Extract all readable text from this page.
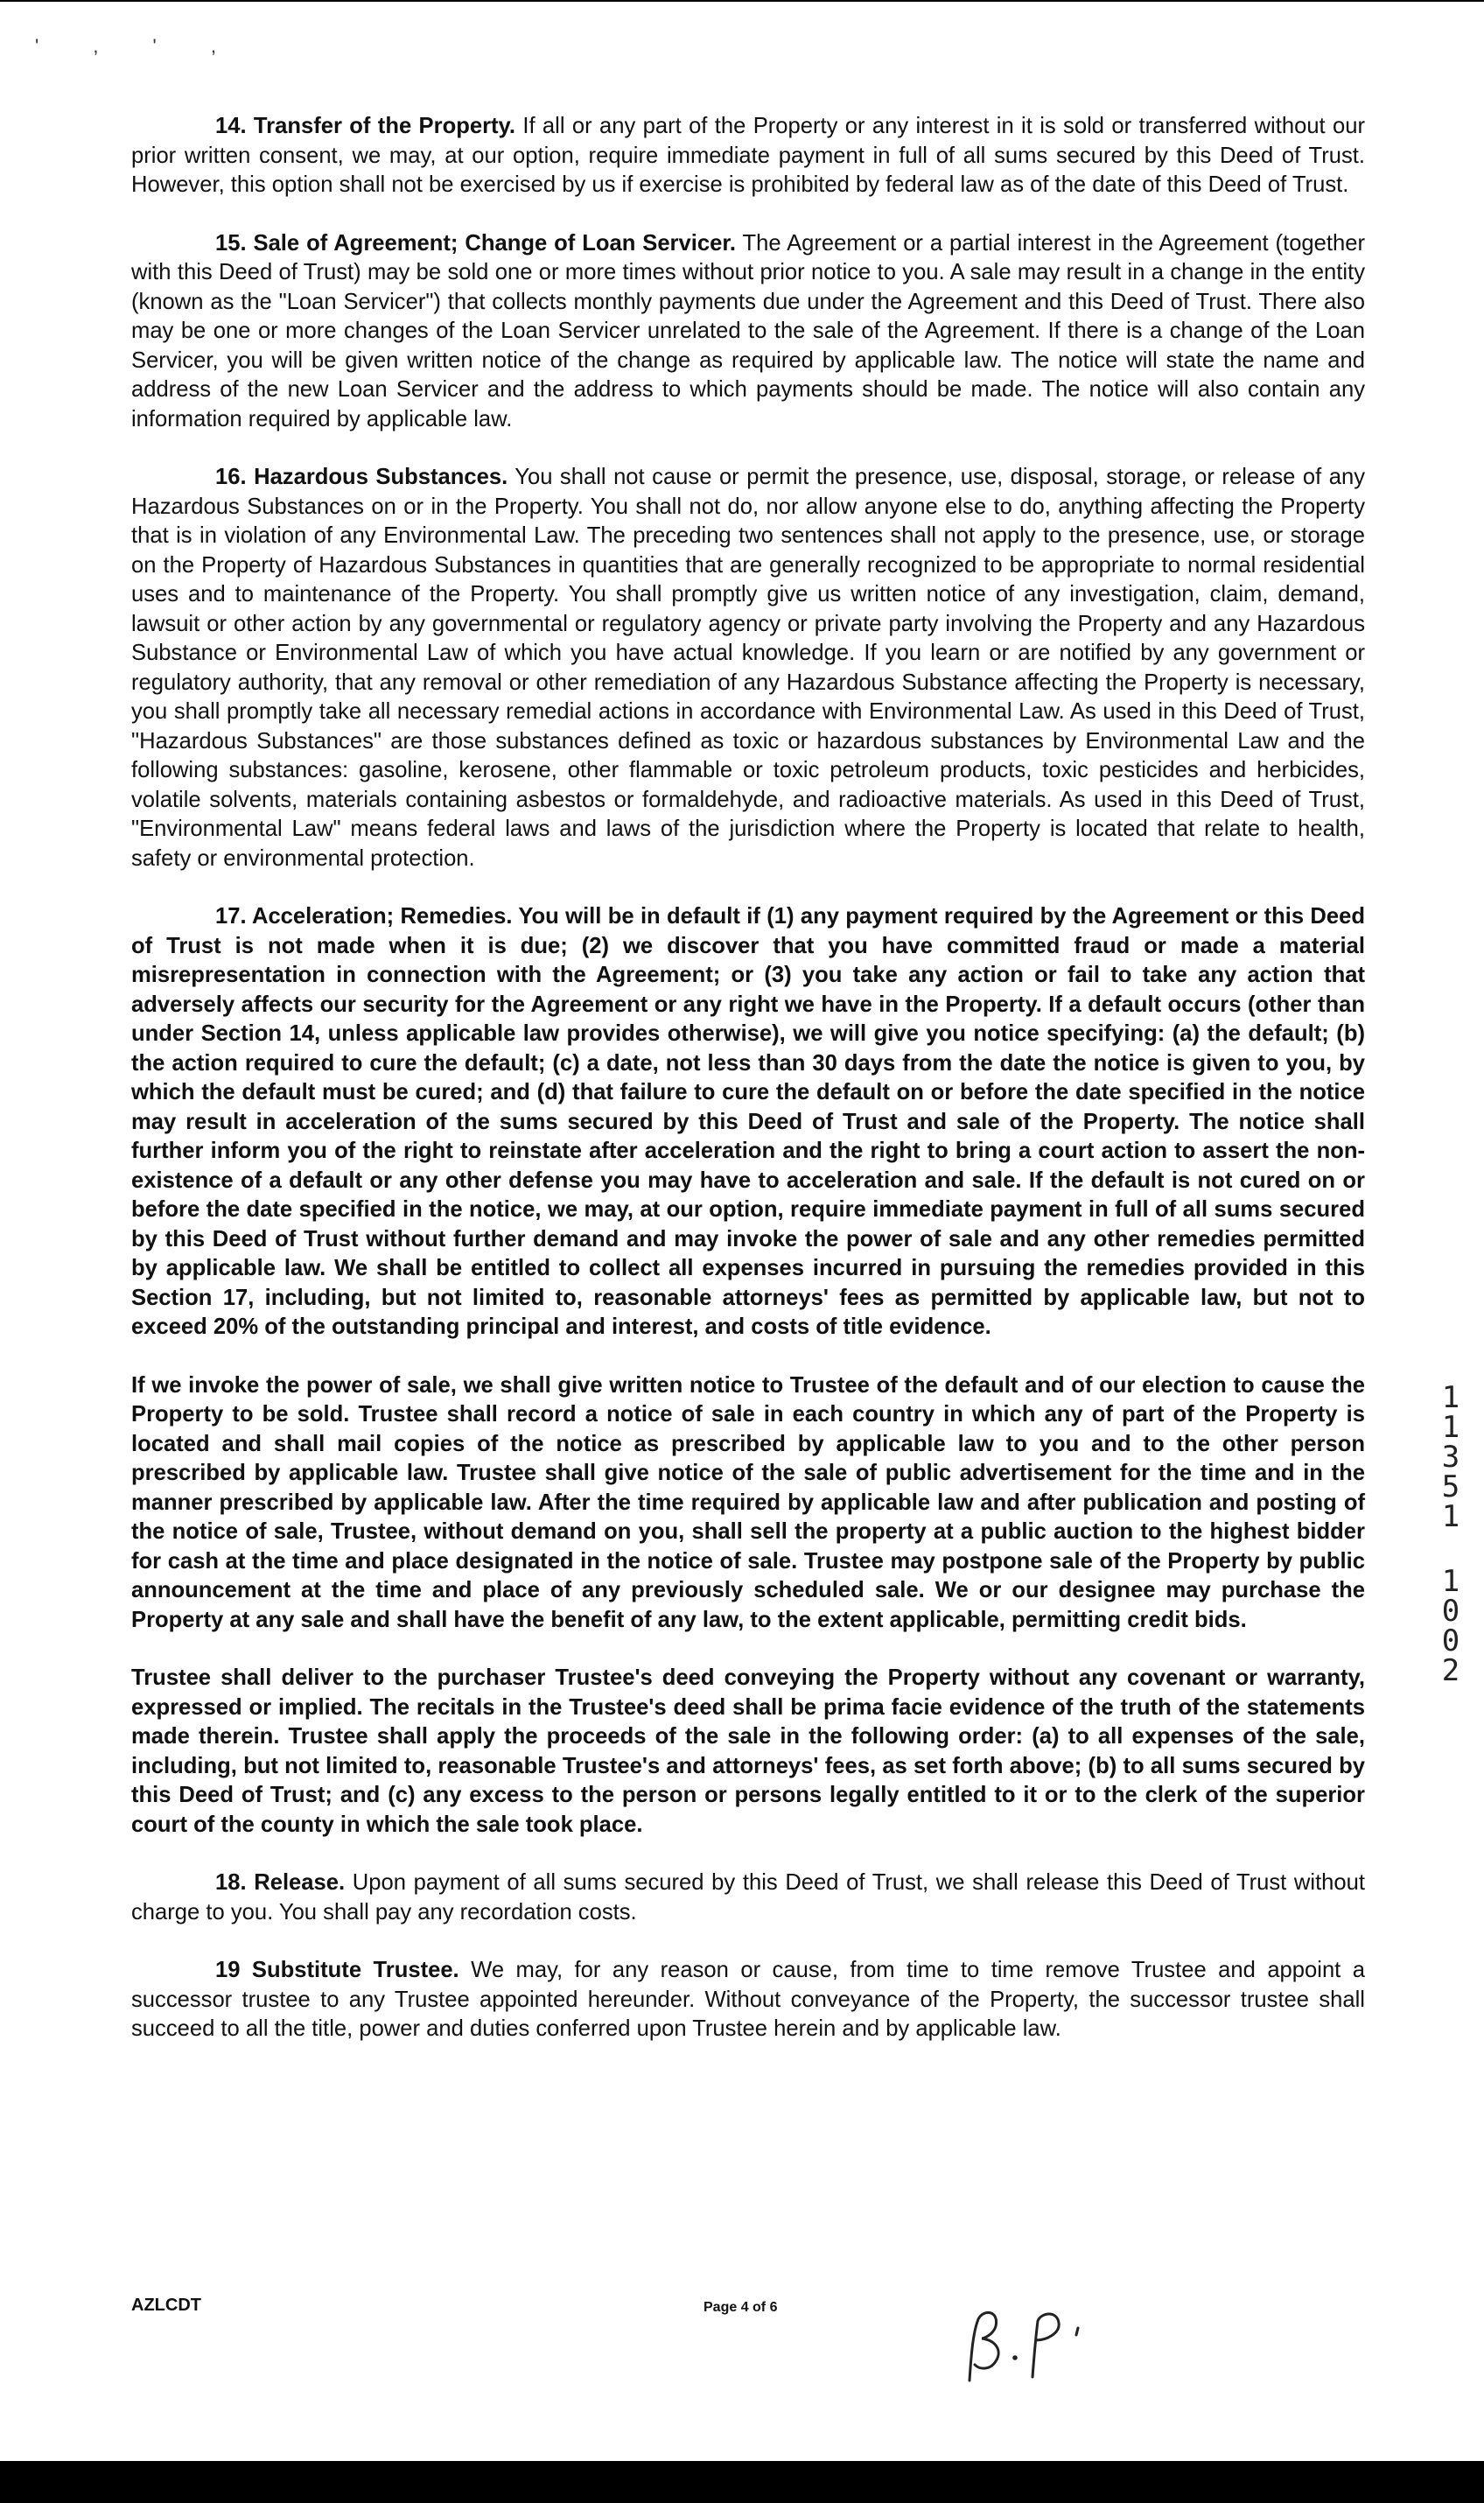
' , ' ,

14. Transfer of the Property. If all or any part of the Property or any interest in it is sold or transferred without our prior written consent, we may, at our option, require immediate payment in full of all sums secured by this Deed of Trust. However, this option shall not be exercised by us if exercise is prohibited by federal law as of the date of this Deed of Trust.

15. Sale of Agreement; Change of Loan Servicer. The Agreement or a partial interest in the Agreement (together with this Deed of Trust) may be sold one or more times without prior notice to you. A sale may result in a change in the entity (known as the "Loan Servicer") that collects monthly payments due under the Agreement and this Deed of Trust. There also may be one or more changes of the Loan Servicer unrelated to the sale of the Agreement. If there is a change of the Loan Servicer, you will be given written notice of the change as required by applicable law. The notice will state the name and address of the new Loan Servicer and the address to which payments should be made. The notice will also contain any information required by applicable law.

16. Hazardous Substances. You shall not cause or permit the presence, use, disposal, storage, or release of any Hazardous Substances on or in the Property. You shall not do, nor allow anyone else to do, anything affecting the Property that is in violation of any Environmental Law. The preceding two sentences shall not apply to the presence, use, or storage on the Property of Hazardous Substances in quantities that are generally recognized to be appropriate to normal residential uses and to maintenance of the Property. You shall promptly give us written notice of any investigation, claim, demand, lawsuit or other action by any governmental or regulatory agency or private party involving the Property and any Hazardous Substance or Environmental Law of which you have actual knowledge. If you learn or are notified by any government or regulatory authority, that any removal or other remediation of any Hazardous Substance affecting the Property is necessary, you shall promptly take all necessary remedial actions in accordance with Environmental Law. As used in this Deed of Trust, "Hazardous Substances" are those substances defined as toxic or hazardous substances by Environmental Law and the following substances: gasoline, kerosene, other flammable or toxic petroleum products, toxic pesticides and herbicides, volatile solvents, materials containing asbestos or formaldehyde, and radioactive materials. As used in this Deed of Trust, "Environmental Law" means federal laws and laws of the jurisdiction where the Property is located that relate to health, safety or environmental protection.

17. Acceleration; Remedies. You will be in default if (1) any payment required by the Agreement or this Deed of Trust is not made when it is due; (2) we discover that you have committed fraud or made a material misrepresentation in connection with the Agreement; or (3) you take any action or fail to take any action that adversely affects our security for the Agreement or any right we have in the Property. If a default occurs (other than under Section 14, unless applicable law provides otherwise), we will give you notice specifying: (a) the default; (b) the action required to cure the default; (c) a date, not less than 30 days from the date the notice is given to you, by which the default must be cured; and (d) that failure to cure the default on or before the date specified in the notice may result in acceleration of the sums secured by this Deed of Trust and sale of the Property. The notice shall further inform you of the right to reinstate after acceleration and the right to bring a court action to assert the non-existence of a default or any other defense you may have to acceleration and sale. If the default is not cured on or before the date specified in the notice, we may, at our option, require immediate payment in full of all sums secured by this Deed of Trust without further demand and may invoke the power of sale and any other remedies permitted by applicable law. We shall be entitled to collect all expenses incurred in pursuing the remedies provided in this Section 17, including, but not limited to, reasonable attorneys' fees as permitted by applicable law, but not to exceed 20% of the outstanding principal and interest, and costs of title evidence.

If we invoke the power of sale, we shall give written notice to Trustee of the default and of our election to cause the Property to be sold. Trustee shall record a notice of sale in each country in which any of part of the Property is located and shall mail copies of the notice as prescribed by applicable law to you and to the other person prescribed by applicable law. Trustee shall give notice of the sale of public advertisement for the time and in the manner prescribed by applicable law. After the time required by applicable law and after publication and posting of the notice of sale, Trustee, without demand on you, shall sell the property at a public auction to the highest bidder for cash at the time and place designated in the notice of sale. Trustee may postpone sale of the Property by public announcement at the time and place of any previously scheduled sale. We or our designee may purchase the Property at any sale and shall have the benefit of any law, to the extent applicable, permitting credit bids.

Trustee shall deliver to the purchaser Trustee's deed conveying the Property without any covenant or warranty, expressed or implied. The recitals in the Trustee's deed shall be prima facie evidence of the truth of the statements made therein. Trustee shall apply the proceeds of the sale in the following order: (a) to all expenses of the sale, including, but not limited to, reasonable Trustee's and attorneys' fees, as set forth above; (b) to all sums secured by this Deed of Trust; and (c) any excess to the person or persons legally entitled to it or to the clerk of the superior court of the county in which the sale took place.

18. Release. Upon payment of all sums secured by this Deed of Trust, we shall release this Deed of Trust without charge to you. You shall pay any recordation costs.

19 Substitute Trustee. We may, for any reason or cause, from time to time remove Trustee and appoint a successor trustee to any Trustee appointed hereunder. Without conveyance of the Property, the successor trustee shall succeed to all the title, power and duties conferred upon Trustee herein and by applicable law.

1
1
3
5
1
1
0
0
2
AZLCDT	Page 4 of 6
